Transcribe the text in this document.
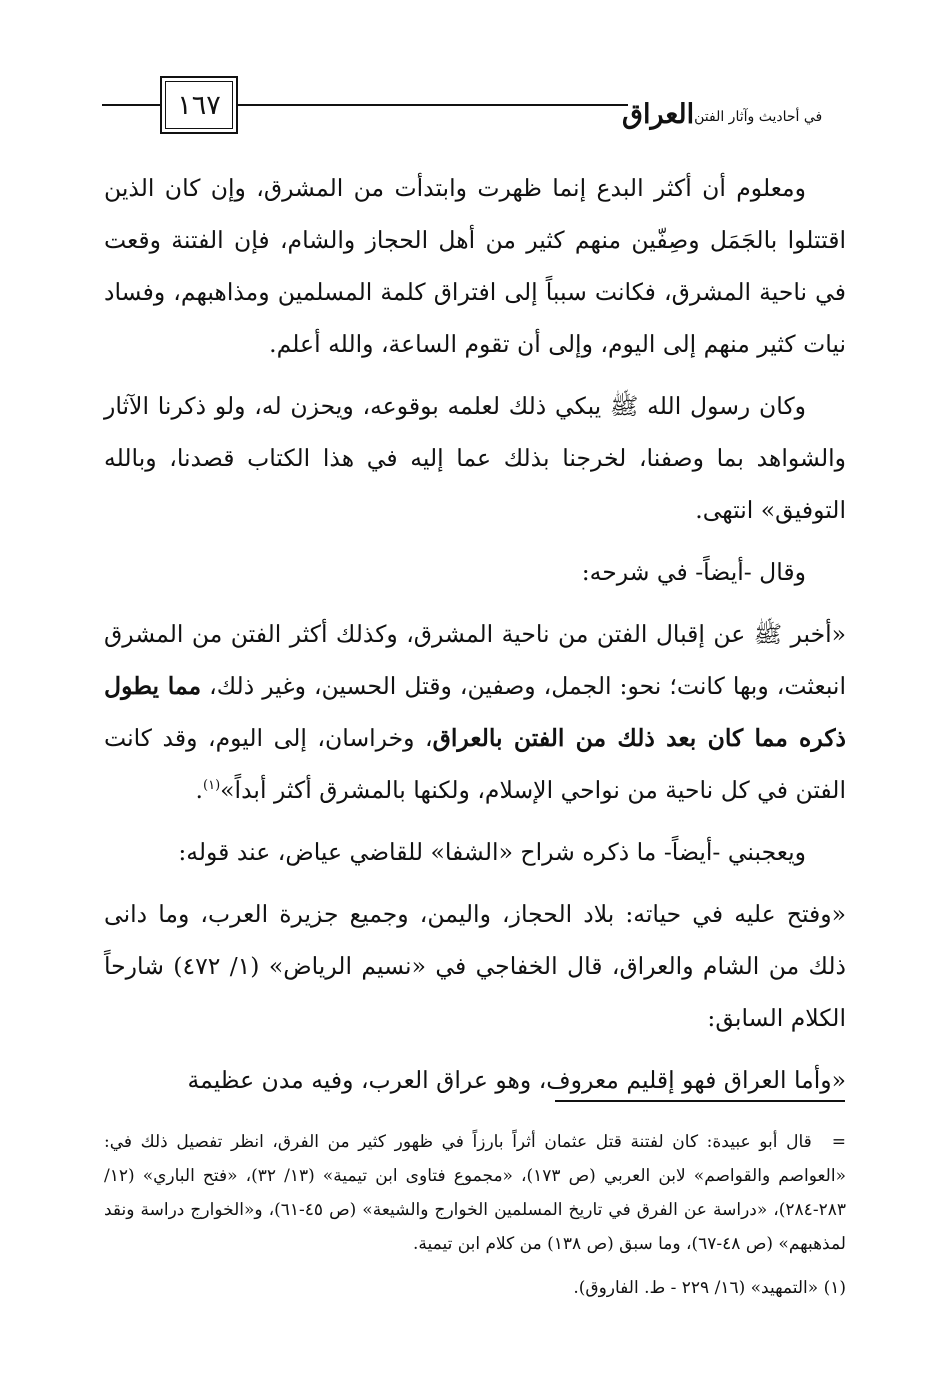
١٦٧	العراق في أحاديث وآثار الفتن

ومعلوم أن أكثر البدع إنما ظهرت وابتدأت من المشرق، وإن كان الذين اقتتلوا بالجَمَل وصِفّين منهم كثير من أهل الحجاز والشام، فإن الفتنة وقعت في ناحية المشرق، فكانت سبباً إلى افتراق كلمة المسلمين ومذاهبهم، وفساد نيات كثير منهم إلى اليوم، وإلى أن تقوم الساعة، والله أعلم.

وكان رسول الله ﷺ يبكي ذلك لعلمه بوقوعه، ويحزن له، ولو ذكرنا الآثار والشواهد بما وصفنا، لخرجنا بذلك عما إليه في هذا الكتاب قصدنا، وبالله التوفيق» انتهى.

وقال -أيضاً- في شرحه:

«أخبر ﷺ عن إقبال الفتن من ناحية المشرق، وكذلك أكثر الفتن من المشرق انبعثت، وبها كانت؛ نحو: الجمل، وصفين، وقتل الحسين، وغير ذلك، مما يطول ذكره مما كان بعد ذلك من الفتن بالعراق، وخراسان، إلى اليوم، وقد كانت الفتن في كل ناحية من نواحي الإسلام، ولكنها بالمشرق أكثر أبداً»$^{(١)}$.

ويعجبني -أيضاً- ما ذكره شراح «الشفا» للقاضي عياض، عند قوله:

«وفتح عليه في حياته: بلاد الحجاز، واليمن، وجميع جزيرة العرب، وما دانى ذلك من الشام والعراق، قال الخفاجي في «نسيم الرياض» (١/ ٤٧٢) شارحاً الكلام السابق:

«وأما العراق فهو إقليم معروف، وهو عراق العرب، وفيه مدن عظيمة

=قال أبو عبيدة: كان لفتنة قتل عثمان أثراً بارزاً في ظهور كثير من الفرق، انظر تفصيل ذلك في: «العواصم والقواصم» لابن العربي (ص ١٧٣)، «مجموع فتاوى ابن تيمية» (١٣/ ٣٢)، «فتح الباري» (١٢/ ٢٨٣-٢٨٤)، «دراسة عن الفرق في تاريخ المسلمين الخوارج والشيعة» (ص ٤٥-٦١)، و«الخوارج دراسة ونقد لمذهبهم» (ص ٤٨-٦٧)، وما سبق (ص ١٣٨) من كلام ابن تيمية.

(١) «التمهيد» (١٦/ ٢٢٩ - ط. الفاروق).
